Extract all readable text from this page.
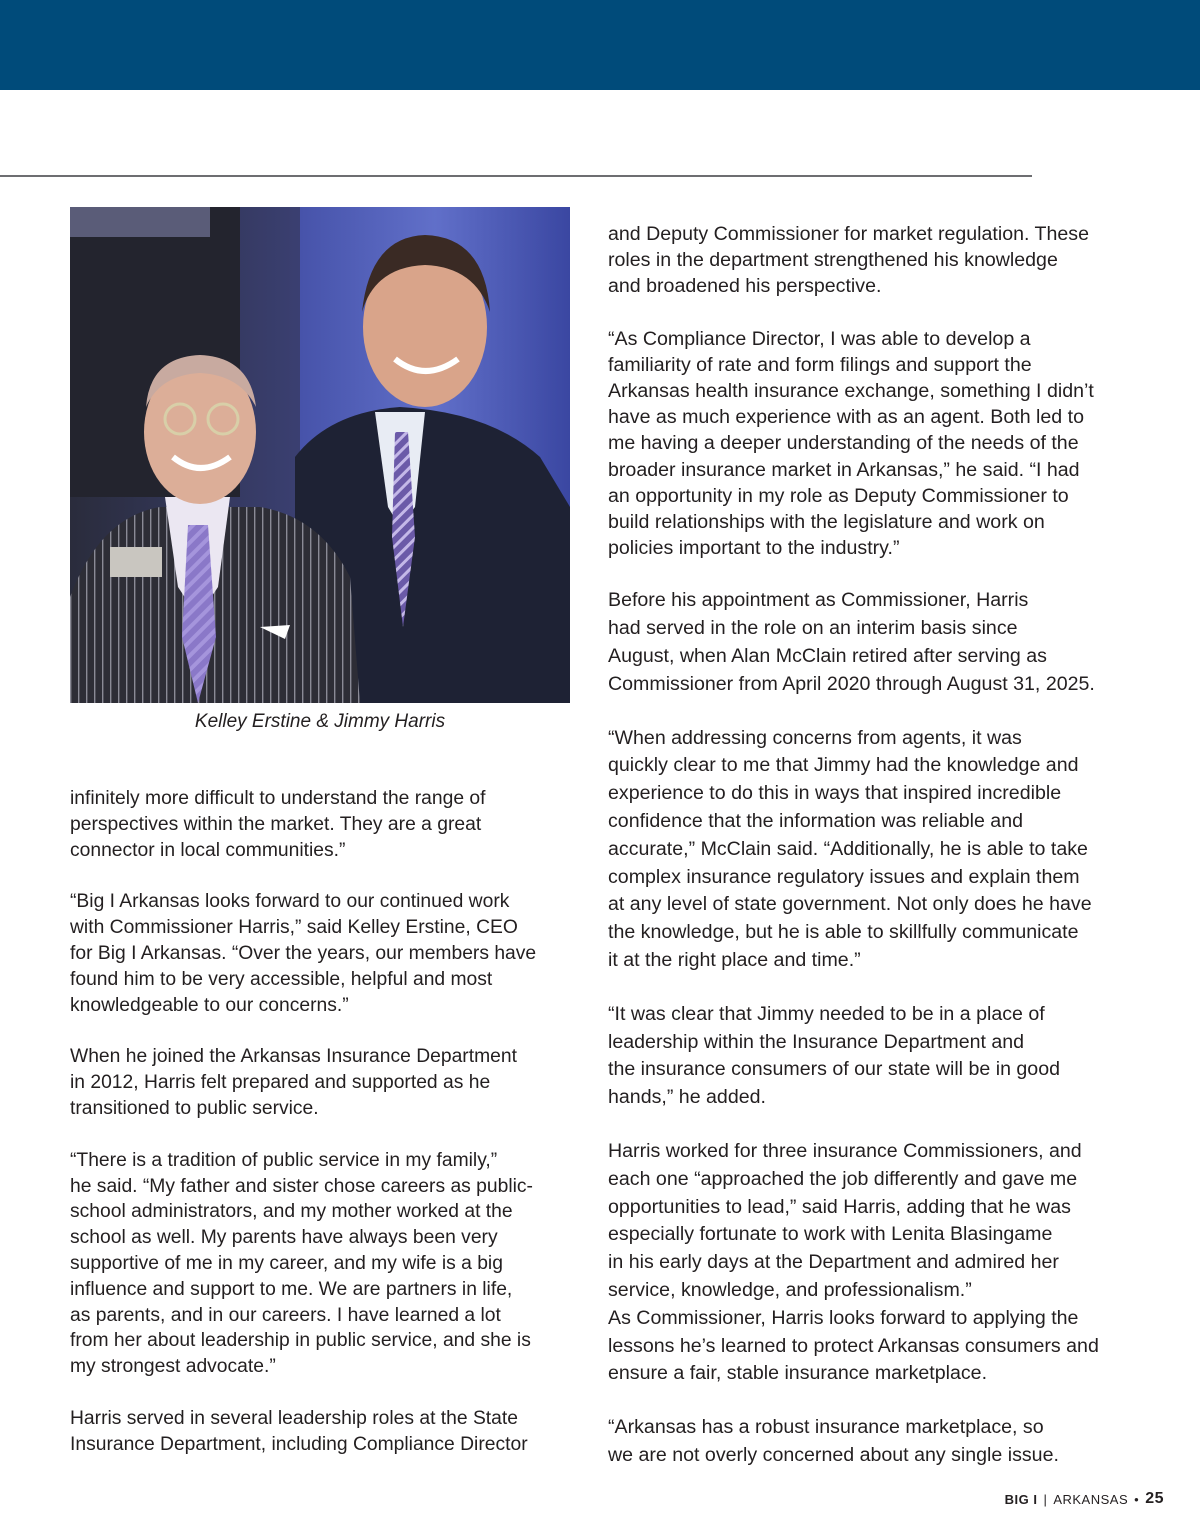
Kelley Erstine & Jimmy Harris

infinitely more difficult to understand the range of
perspectives within the market. They are a great
connector in local communities.”

“Big I Arkansas looks forward to our continued work
with Commissioner Harris,” said Kelley Erstine, CEO
for Big I Arkansas. “Over the years, our members have
found him to be very accessible, helpful and most
knowledgeable to our concerns.”

When he joined the Arkansas Insurance Department
in 2012, Harris felt prepared and supported as he
transitioned to public service.

“There is a tradition of public service in my family,”
he said. “My father and sister chose careers as public-
school administrators, and my mother worked at the
school as well. My parents have always been very
supportive of me in my career, and my wife is a big
influence and support to me. We are partners in life,
as parents, and in our careers. I have learned a lot
from her about leadership in public service, and she is
my strongest advocate.”

Harris served in several leadership roles at the State
Insurance Department, including Compliance Director

and Deputy Commissioner for market regulation. These
roles in the department strengthened his knowledge
and broadened his perspective.

“As Compliance Director, I was able to develop a
familiarity of rate and form filings and support the
Arkansas health insurance exchange, something I didn’t
have as much experience with as an agent. Both led to
me having a deeper understanding of the needs of the
broader insurance market in Arkansas,” he said. “I had
an opportunity in my role as Deputy Commissioner to
build relationships with the legislature and work on
policies important to the industry.”

Before his appointment as Commissioner, Harris
had served in the role on an interim basis since
August, when Alan McClain retired after serving as
Commissioner from April 2020 through August 31, 2025.

“When addressing concerns from agents, it was
quickly clear to me that Jimmy had the knowledge and
experience to do this in ways that inspired incredible
confidence that the information was reliable and
accurate,” McClain said. “Additionally, he is able to take
complex insurance regulatory issues and explain them
at any level of state government. Not only does he have
the knowledge, but he is able to skillfully communicate
it at the right place and time.”

“It was clear that Jimmy needed to be in a place of
leadership within the Insurance Department and
the insurance consumers of our state will be in good
hands,” he added.

Harris worked for three insurance Commissioners, and
each one “approached the job differently and gave me
opportunities to lead,” said Harris, adding that he was
especially fortunate to work with Lenita Blasingame
in his early days at the Department and admired her
service, knowledge, and professionalism.”

As Commissioner, Harris looks forward to applying the
lessons he’s learned to protect Arkansas consumers and
ensure a fair, stable insurance marketplace.

“Arkansas has a robust insurance marketplace, so
we are not overly concerned about any single issue.

BIG I | ARKANSAS • 25
